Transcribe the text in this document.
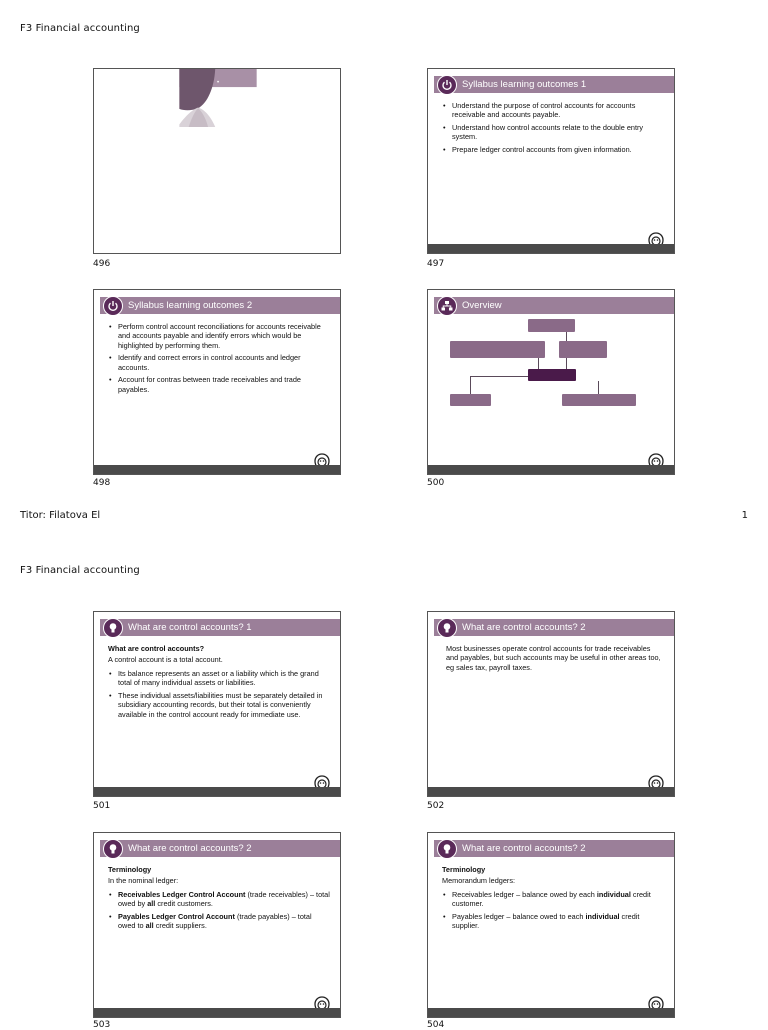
F3 Financial accounting
Chapter 14
Control accounts
•
•
•
496
Syllabus learning outcomes 1
• Understand the purpose of control accounts for accounts receivable and accounts payable.
• Understand how control accounts relate to the double entry system.
• Prepare ledger control accounts from given information.
497
Syllabus learning outcomes 2
• Perform control account reconciliations for accounts receivable and accounts payable and identify errors which would be highlighted by performing them.
• Identify and correct errors in control accounts and ledger accounts.
• Account for contras between trade receivables and trade payables.
498
Overview
500
Titor: Filatova El	1
F3 Financial accounting
What are control accounts? 1
What are control accounts?

A control account is a total account.

• Its balance represents an asset or a liability which is the grand total of many individual assets or liabilities.
• These individual assets/liabilities must be separately detailed in subsidiary accounting records, but their total is conveniently available in the control account ready for immediate use.
501
What are control accounts? 2

Most businesses operate control accounts for trade receivables and payables, but such accounts may be useful in other areas too, eg sales tax, payroll taxes.

502
What are control accounts? 2
Terminology

In the nominal ledger:

• Receivables Ledger Control Account (trade receivables) – total owed by all credit customers.
• Payables Ledger Control Account (trade payables) – total owed to all credit suppliers.
503
What are control accounts? 2
Terminology

Memorandum ledgers:

• Receivables ledger – balance owed by each individual credit customer.
• Payables ledger – balance owed to each individual credit supplier.
504
